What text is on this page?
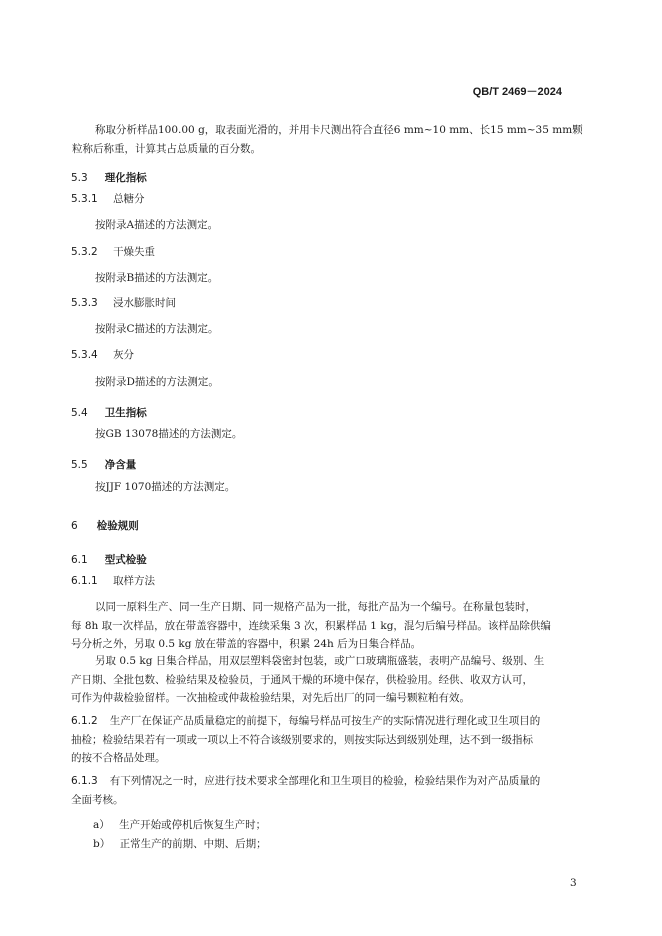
QB/T 2469－2024
称取分析样品100.00 g，取表面光滑的，并用卡尺测出符合直径6 mm~10 mm、长15 mm~35 mm颗
粒称后称重，计算其占总质量的百分数。
5.3 理化指标
5.3.1 总糖分
按附录A描述的方法测定。
5.3.2 干燥失重
按附录B描述的方法测定。
5.3.3 浸水膨胀时间
按附录C描述的方法测定。
5.3.4 灰分
按附录D描述的方法测定。
5.4 卫生指标
按GB 13078描述的方法测定。
5.5 净含量
按JJF 1070描述的方法测定。
6 检验规则
6.1 型式检验
6.1.1 取样方法
以同一原料生产、同一生产日期、同一规格产品为一批，每批产品为一个编号。在称量包装时，
每 8h 取一次样品，放在带盖容器中，连续采集 3 次，积累样品 1 kg，混匀后编号样品。该样品除供编
号分析之外，另取 0.5 kg 放在带盖的容器中，积累 24h 后为日集合样品。
另取 0.5 kg 日集合样品，用双层塑料袋密封包装，或广口玻璃瓶盛装，表明产品编号、级别、生
产日期、全批包数、检验结果及检验员，于通风干燥的环境中保存，供检验用。经供、收双方认可，
可作为仲裁检验留样。一次抽检或仲裁检验结果，对先后出厂的同一编号颗粒粕有效。
6.1.2 生产厂在保证产品质量稳定的前提下，每编号样品可按生产的实际情况进行理化或卫生项目的
抽检；检验结果若有一项或一项以上不符合该级别要求的，则按实际达到级别处理，达不到一级指标
的按不合格品处理。
6.1.3 有下列情况之一时，应进行技术要求全部理化和卫生项目的检验，检验结果作为对产品质量的
全面考核。
a） 生产开始或停机后恢复生产时；
b） 正常生产的前期、中期、后期；
3
